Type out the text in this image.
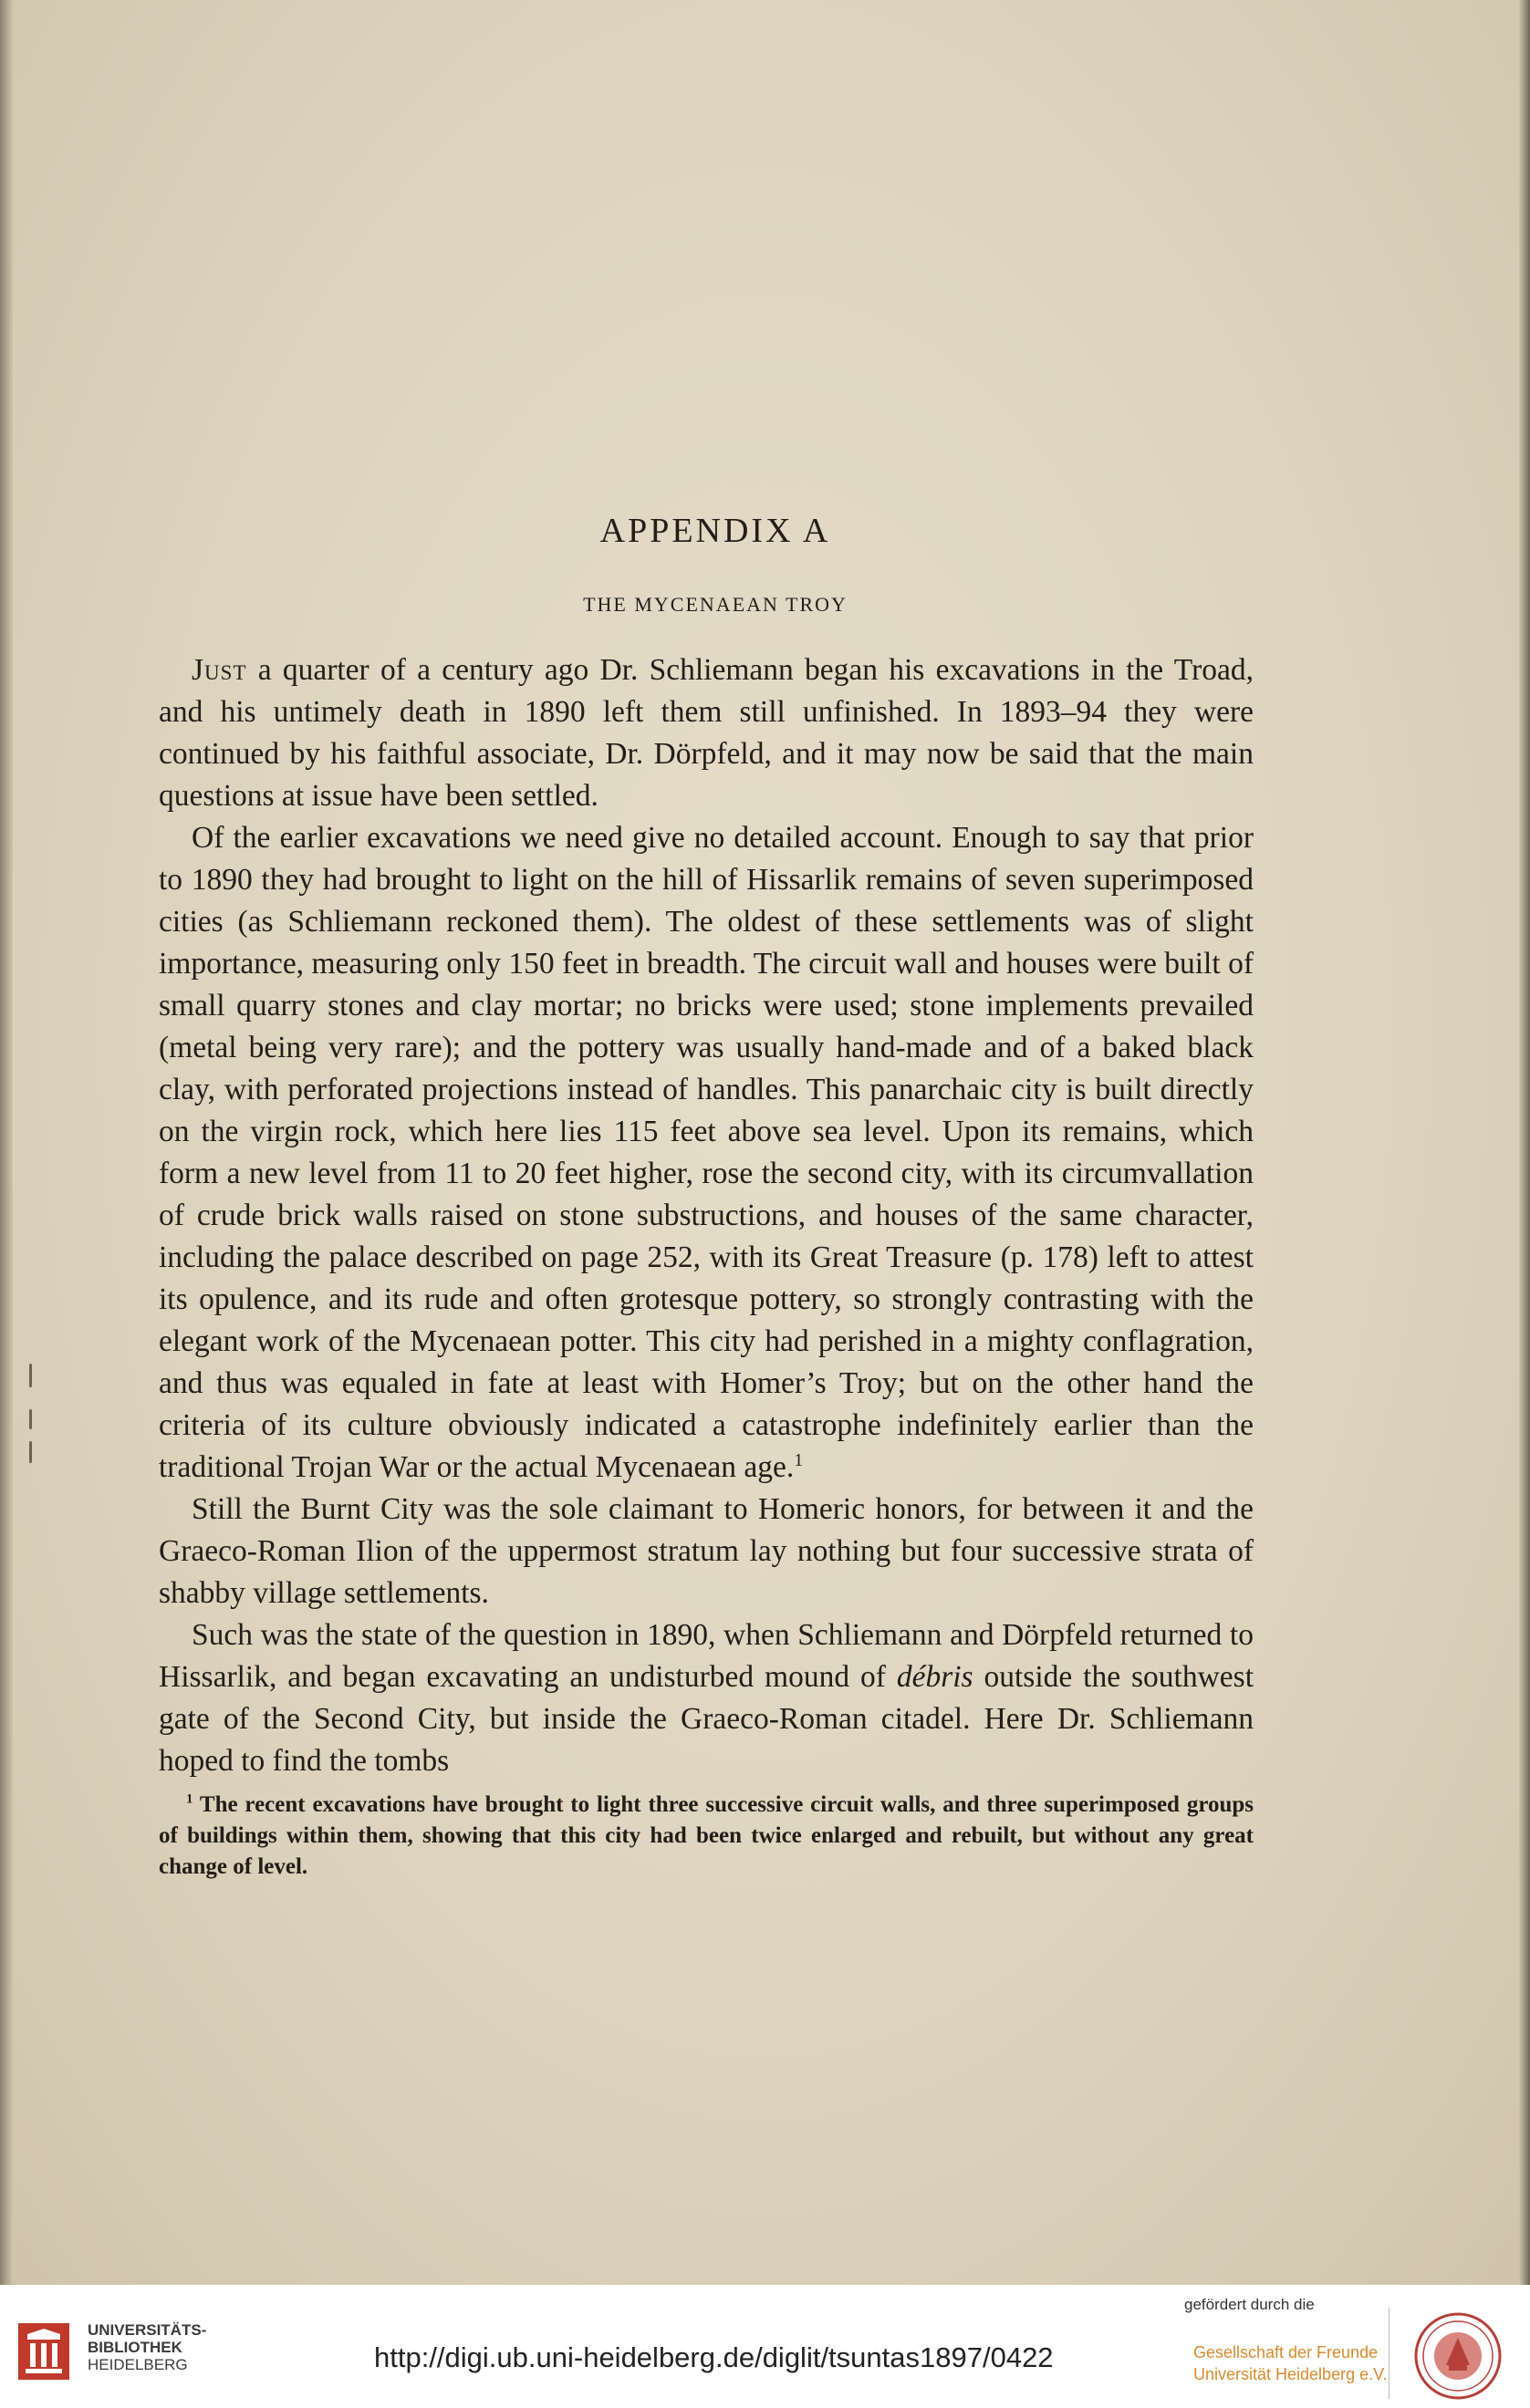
APPENDIX A
THE MYCENAEAN TROY

Just a quarter of a century ago Dr. Schliemann began his excavations in the Troad, and his untimely death in 1890 left them still unfinished. In 1893–94 they were continued by his faithful associate, Dr. Dörpfeld, and it may now be said that the main questions at issue have been settled.

Of the earlier excavations we need give no detailed account. Enough to say that prior to 1890 they had brought to light on the hill of Hissarlik remains of seven superimposed cities (as Schliemann reckoned them). The oldest of these settlements was of slight importance, measuring only 150 feet in breadth. The circuit wall and houses were built of small quarry stones and clay mortar; no bricks were used; stone implements prevailed (metal being very rare); and the pottery was usually hand-made and of a baked black clay, with perforated projections instead of handles. This panarchaic city is built directly on the virgin rock, which here lies 115 feet above sea level. Upon its remains, which form a new level from 11 to 20 feet higher, rose the second city, with its circumvallation of crude brick walls raised on stone substructions, and houses of the same character, including the palace described on page 252, with its Great Treasure (p. 178) left to attest its opulence, and its rude and often grotesque pottery, so strongly contrasting with the elegant work of the Mycenaean potter. This city had perished in a mighty conflagration, and thus was equaled in fate at least with Homer’s Troy; but on the other hand the criteria of its culture obviously indicated a catastrophe indefinitely earlier than the traditional Trojan War or the actual Mycenaean age.$^1$

Still the Burnt City was the sole claimant to Homeric honors, for between it and the Graeco-Roman Ilion of the uppermost stratum lay nothing but four successive strata of shabby village settlements.

Such was the state of the question in 1890, when Schliemann and Dörpfeld returned to Hissarlik, and began excavating an undisturbed mound of débris outside the southwest gate of the Second City, but inside the Graeco-Roman citadel. Here Dr. Schliemann hoped to find the tombs

$^1$ The recent excavations have brought to light three successive circuit walls, and three superimposed groups of buildings within them, showing that this city had been twice enlarged and rebuilt, but without any great change of level.

UNIVERSITÄTS-
BIBLIOTHEK
HEIDELBERG	http://digi.ub.uni-heidelberg.de/diglit/tsuntas1897/0422
gefördert durch die
Gesellschaft der Freunde
Universität Heidelberg e.V.
